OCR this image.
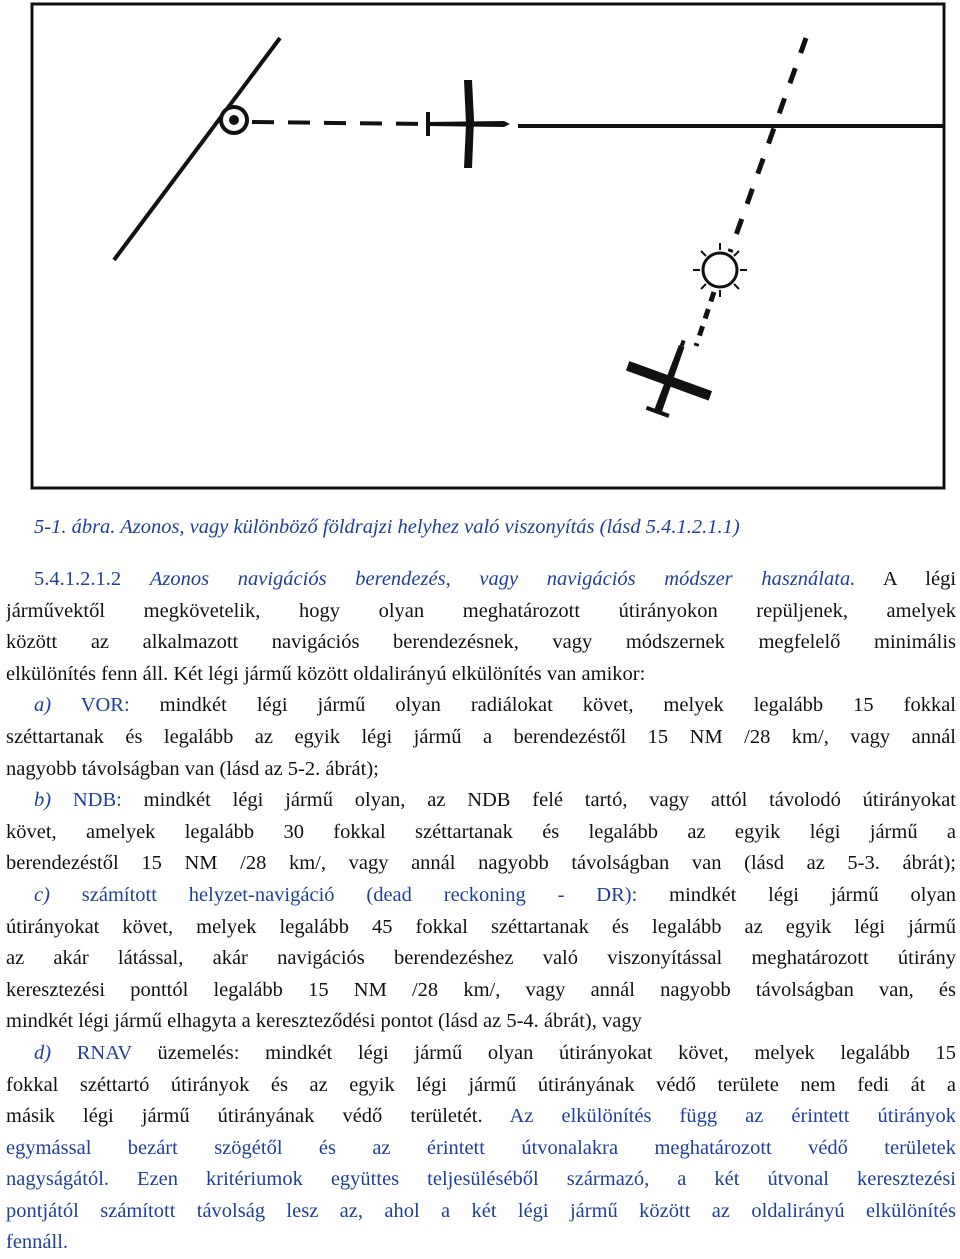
5-1. ábra. Azonos, vagy különböző földrajzi helyhez való viszonyítás (lásd 5.4.1.2.1.1)
5.4.1.2.1.2 Azonos navigációs berendezés, vagy navigációs módszer használata. A légi
járművektől megkövetelik, hogy olyan meghatározott útirányokon repüljenek, amelyek
között az alkalmazott navigációs berendezésnek, vagy módszernek megfelelő minimális
elkülönítés fenn áll. Két légi jármű között oldalirányú elkülönítés van amikor:
a) VOR: mindkét légi jármű olyan radiálokat követ, melyek legalább 15 fokkal
széttartanak és legalább az egyik légi jármű a berendezéstől 15 NM /28 km/, vagy annál
nagyobb távolságban van (lásd az 5-2. ábrát);
b) NDB: mindkét légi jármű olyan, az NDB felé tartó, vagy attól távolodó útirányokat
követ, amelyek legalább 30 fokkal széttartanak és legalább az egyik légi jármű a
berendezéstől 15 NM /28 km/, vagy annál nagyobb távolságban van (lásd az 5-3. ábrát);
c) számított helyzet-navigáció (dead reckoning - DR): mindkét légi jármű olyan
útirányokat követ, melyek legalább 45 fokkal széttartanak és legalább az egyik légi jármű
az akár látással, akár navigációs berendezéshez való viszonyítással meghatározott útirány
keresztezési ponttól legalább 15 NM /28 km/, vagy annál nagyobb távolságban van, és
mindkét légi jármű elhagyta a kereszteződési pontot (lásd az 5-4. ábrát), vagy
d) RNAV üzemelés: mindkét légi jármű olyan útirányokat követ, melyek legalább 15
fokkal széttartó útirányok és az egyik légi jármű útirányának védő területe nem fedi át a
másik légi jármű útirányának védő területét. Az elkülönítés függ az érintett útirányok
egymással bezárt szögétől és az érintett útvonalakra meghatározott védő területek
nagyságától. Ezen kritériumok együttes teljesüléséből származó, a két útvonal keresztezési
pontjától számított távolság lesz az, ahol a két légi jármű között az oldalirányú elkülönítés
fennáll.
